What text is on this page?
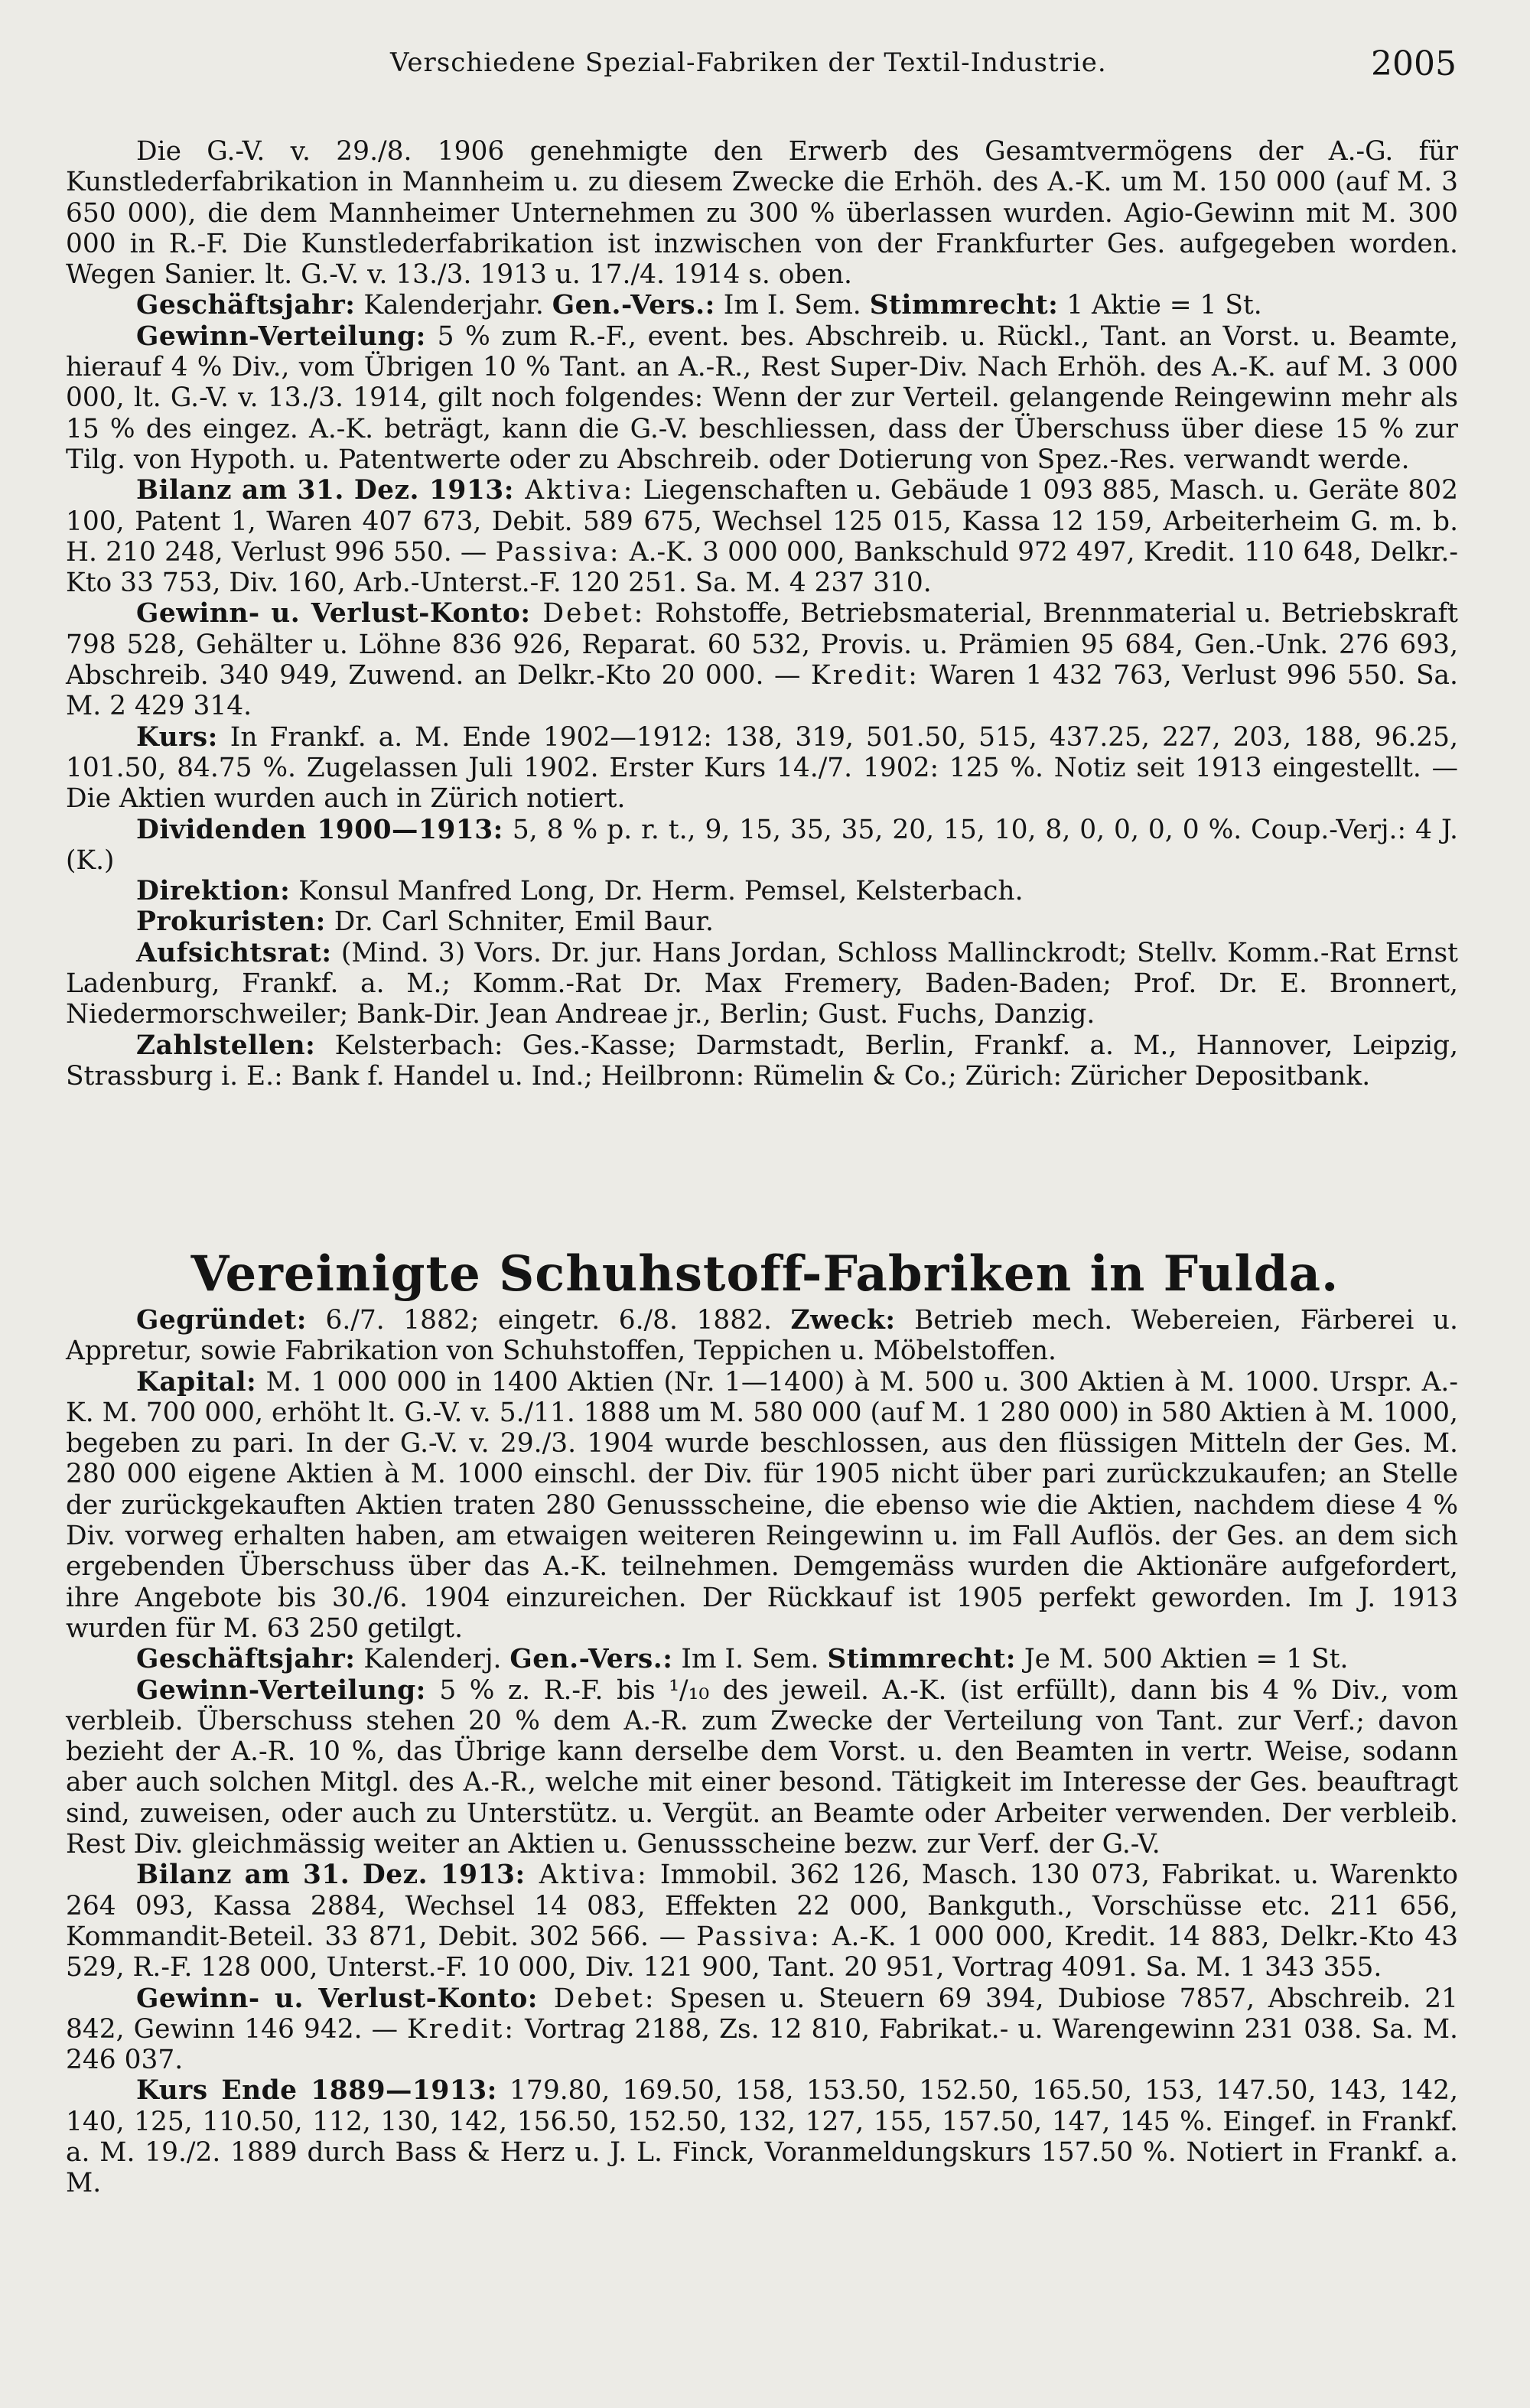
Verschiedene Spezial-Fabriken der Textil-Industrie.	2005

Die G.-V. v. 29./8. 1906 genehmigte den Erwerb des Gesamtvermögens der A.-G. für Kunstlederfabrikation in Mannheim u. zu diesem Zwecke die Erhöh. des A.-K. um M. 150 000 (auf M. 3 650 000), die dem Mannheimer Unternehmen zu 300 % überlassen wurden. Agio-Gewinn mit M. 300 000 in R.-F. Die Kunstlederfabrikation ist inzwischen von der Frankfurter Ges. aufgegeben worden. Wegen Sanier. lt. G.-V. v. 13./3. 1913 u. 17./4. 1914 s. oben.

Geschäftsjahr: Kalenderjahr. Gen.-Vers.: Im I. Sem. Stimmrecht: 1 Aktie = 1 St.

Gewinn-Verteilung: 5 % zum R.-F., event. bes. Abschreib. u. Rückl., Tant. an Vorst. u. Beamte, hierauf 4 % Div., vom Übrigen 10 % Tant. an A.-R., Rest Super-Div. Nach Erhöh. des A.-K. auf M. 3 000 000, lt. G.-V. v. 13./3. 1914, gilt noch folgendes: Wenn der zur Verteil. gelangende Reingewinn mehr als 15 % des eingez. A.-K. beträgt, kann die G.-V. beschliessen, dass der Überschuss über diese 15 % zur Tilg. von Hypoth. u. Patentwerte oder zu Abschreib. oder Dotierung von Spez.-Res. verwandt werde.

Bilanz am 31. Dez. 1913: Aktiva: Liegenschaften u. Gebäude 1 093 885, Masch. u. Geräte 802 100, Patent 1, Waren 407 673, Debit. 589 675, Wechsel 125 015, Kassa 12 159, Arbeiterheim G. m. b. H. 210 248, Verlust 996 550. — Passiva: A.-K. 3 000 000, Bankschuld 972 497, Kredit. 110 648, Delkr.-Kto 33 753, Div. 160, Arb.-Unterst.-F. 120 251. Sa. M. 4 237 310.

Gewinn- u. Verlust-Konto: Debet: Rohstoffe, Betriebsmaterial, Brennmaterial u. Betriebskraft 798 528, Gehälter u. Löhne 836 926, Reparat. 60 532, Provis. u. Prämien 95 684, Gen.-Unk. 276 693, Abschreib. 340 949, Zuwend. an Delkr.-Kto 20 000. — Kredit: Waren 1 432 763, Verlust 996 550. Sa. M. 2 429 314.

Kurs: In Frankf. a. M. Ende 1902—1912: 138, 319, 501.50, 515, 437.25, 227, 203, 188, 96.25, 101.50, 84.75 %. Zugelassen Juli 1902. Erster Kurs 14./7. 1902: 125 %. Notiz seit 1913 eingestellt. — Die Aktien wurden auch in Zürich notiert.

Dividenden 1900—1913: 5, 8 % p. r. t., 9, 15, 35, 35, 20, 15, 10, 8, 0, 0, 0, 0 %. Coup.-Verj.: 4 J. (K.)

Direktion: Konsul Manfred Long, Dr. Herm. Pemsel, Kelsterbach.

Prokuristen: Dr. Carl Schniter, Emil Baur.

Aufsichtsrat: (Mind. 3) Vors. Dr. jur. Hans Jordan, Schloss Mallinckrodt; Stellv. Komm.-Rat Ernst Ladenburg, Frankf. a. M.; Komm.-Rat Dr. Max Fremery, Baden-Baden; Prof. Dr. E. Bronnert, Niedermorschweiler; Bank-Dir. Jean Andreae jr., Berlin; Gust. Fuchs, Danzig.

Zahlstellen: Kelsterbach: Ges.-Kasse; Darmstadt, Berlin, Frankf. a. M., Hannover, Leipzig, Strassburg i. E.: Bank f. Handel u. Ind.; Heilbronn: Rümelin & Co.; Zürich: Züricher Depositbank.

Vereinigte Schuhstoff-Fabriken in Fulda.

Gegründet: 6./7. 1882; eingetr. 6./8. 1882. Zweck: Betrieb mech. Webereien, Färberei u. Appretur, sowie Fabrikation von Schuhstoffen, Teppichen u. Möbelstoffen.

Kapital: M. 1 000 000 in 1400 Aktien (Nr. 1—1400) à M. 500 u. 300 Aktien à M. 1000. Urspr. A.-K. M. 700 000, erhöht lt. G.-V. v. 5./11. 1888 um M. 580 000 (auf M. 1 280 000) in 580 Aktien à M. 1000, begeben zu pari. In der G.-V. v. 29./3. 1904 wurde beschlossen, aus den flüssigen Mitteln der Ges. M. 280 000 eigene Aktien à M. 1000 einschl. der Div. für 1905 nicht über pari zurückzukaufen; an Stelle der zurückgekauften Aktien traten 280 Genussscheine, die ebenso wie die Aktien, nachdem diese 4 % Div. vorweg erhalten haben, am etwaigen weiteren Reingewinn u. im Fall Auflös. der Ges. an dem sich ergebenden Überschuss über das A.-K. teilnehmen. Demgemäss wurden die Aktionäre aufgefordert, ihre Angebote bis 30./6. 1904 einzureichen. Der Rückkauf ist 1905 perfekt geworden. Im J. 1913 wurden für M. 63 250 getilgt.

Geschäftsjahr: Kalenderj. Gen.-Vers.: Im I. Sem. Stimmrecht: Je M. 500 Aktien = 1 St.

Gewinn-Verteilung: 5 % z. R.-F. bis ¹/₁₀ des jeweil. A.-K. (ist erfüllt), dann bis 4 % Div., vom verbleib. Überschuss stehen 20 % dem A.-R. zum Zwecke der Verteilung von Tant. zur Verf.; davon bezieht der A.-R. 10 %, das Übrige kann derselbe dem Vorst. u. den Beamten in vertr. Weise, sodann aber auch solchen Mitgl. des A.-R., welche mit einer besond. Tätigkeit im Interesse der Ges. beauftragt sind, zuweisen, oder auch zu Unterstütz. u. Vergüt. an Beamte oder Arbeiter verwenden. Der verbleib. Rest Div. gleichmässig weiter an Aktien u. Genussscheine bezw. zur Verf. der G.-V.

Bilanz am 31. Dez. 1913: Aktiva: Immobil. 362 126, Masch. 130 073, Fabrikat. u. Warenkto 264 093, Kassa 2884, Wechsel 14 083, Effekten 22 000, Bankguth., Vorschüsse etc. 211 656, Kommandit-Beteil. 33 871, Debit. 302 566. — Passiva: A.-K. 1 000 000, Kredit. 14 883, Delkr.-Kto 43 529, R.-F. 128 000, Unterst.-F. 10 000, Div. 121 900, Tant. 20 951, Vortrag 4091. Sa. M. 1 343 355.

Gewinn- u. Verlust-Konto: Debet: Spesen u. Steuern 69 394, Dubiose 7857, Abschreib. 21 842, Gewinn 146 942. — Kredit: Vortrag 2188, Zs. 12 810, Fabrikat.- u. Warengewinn 231 038. Sa. M. 246 037.

Kurs Ende 1889—1913: 179.80, 169.50, 158, 153.50, 152.50, 165.50, 153, 147.50, 143, 142, 140, 125, 110.50, 112, 130, 142, 156.50, 152.50, 132, 127, 155, 157.50, 147, 145 %. Eingef. in Frankf. a. M. 19./2. 1889 durch Bass & Herz u. J. L. Finck, Voranmeldungskurs 157.50 %. Notiert in Frankf. a. M.
